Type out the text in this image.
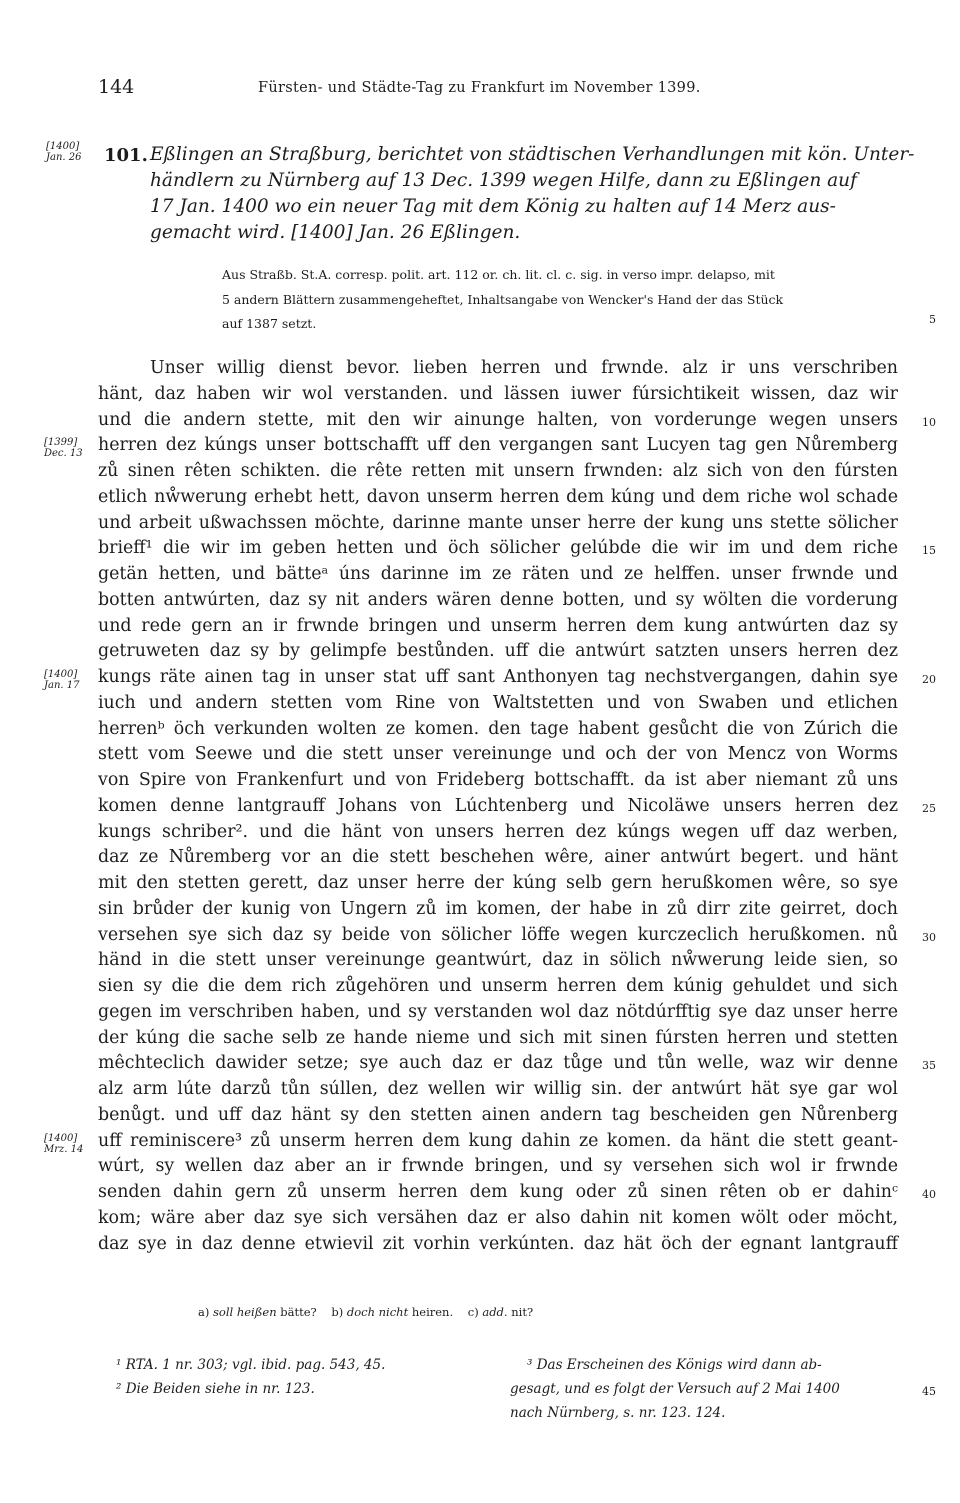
144	Fürsten- und Städte-Tag zu Frankfurt im November 1399.
[1400]
Jan. 26 101. Eßlingen an Straßburg, berichtet von städtischen Verhandlungen mit kön. Unter-
händlern zu Nürnberg auf 13 Dec. 1399 wegen Hilfe, dann zu Eßlingen auf
17 Jan. 1400 wo ein neuer Tag mit dem König zu halten auf 14 Merz aus-
gemacht wird. [1400] Jan. 26 Eßlingen.
Aus Straßb. St.A. corresp. polit. art. 112 or. ch. lit. cl. c. sig. in verso impr. delapso, mit
5 andern Blättern zusammengeheftet, Inhaltsangabe von Wencker's Hand der das Stück
auf 1387 setzt.
Unser willig dienst bevor. lieben herren und frwnde. alz ir uns verschriben
hänt, daz haben wir wol verstanden. und lässen iuwer fúrsichtikeit wissen, daz wir
und die andern stette, mit den wir ainunge halten, von vorderunge wegen unsers
herren dez kúngs unser bottschafft uff den vergangen sant Lucyen tag gen Nůremberg
zů sinen rêten schikten. die rête retten mit unsern frwnden: alz sich von den fúrsten
etlich nẘwerung erhebt hett, davon unserm herren dem kúng und dem riche wol schade
und arbeit ußwachssen möchte, darinne mante unser herre der kung uns stette sölicher
brieff¹ die wir im geben hetten und öch sölicher gelúbde die wir im und dem riche
getän hetten, und bätteᵃ úns darinne im ze räten und ze helffen. unser frwnde und
botten antwúrten, daz sy nit anders wären denne botten, und sy wölten die vorderung
und rede gern an ir frwnde bringen und unserm herren dem kung antwúrten daz sy
getruweten daz sy by gelimpfe bestůnden. uff die antwúrt satzten unsers herren dez
kungs räte ainen tag in unser stat uff sant Anthonyen tag nechstvergangen, dahin sye
iuch und andern stetten vom Rine von Waltstetten und von Swaben und etlichen
herrenᵇ öch verkunden wolten ze komen. den tage habent gesůcht die von Zúrich die
stett vom Seewe und die stett unser vereinunge und och der von Mencz von Worms
von Spire von Frankenfurt und von Frideberg bottschafft. da ist aber niemant zů uns
komen denne lantgrauff Johans von Lúchtenberg und Nicoläwe unsers herren dez
kungs schriber². und die hänt von unsers herren dez kúngs wegen uff daz werben,
daz ze Nůremberg vor an die stett beschehen wêre, ainer antwúrt begert. und hänt
mit den stetten gerett, daz unser herre der kúng selb gern herußkomen wêre, so sye
sin brůder der kunig von Ungern zů im komen, der habe in zů dirr zite geirret, doch
versehen sye sich daz sy beide von sölicher löffe wegen kurczeclich herußkomen. nů
händ in die stett unser vereinunge geantwúrt, daz in sölich nẘwerung leide sien, so
sien sy die die dem rich zůgehören und unserm herren dem kúnig gehuldet und sich
gegen im verschriben haben, und sy verstanden wol daz nötdúrfftig sye daz unser herre
der kúng die sache selb ze hande nieme und sich mit sinen fúrsten herren und stetten
mêchteclich dawider setze; sye auch daz er daz tůge und tůn welle, waz wir denne
alz arm lúte darzů tůn súllen, dez wellen wir willig sin. der antwúrt hät sye gar wol
benůgt. und uff daz hänt sy den stetten ainen andern tag bescheiden gen Nůrenberg
uff reminiscere³ zů unserm herren dem kung dahin ze komen. da hänt die stett geant-
wúrt, sy wellen daz aber an ir frwnde bringen, und sy versehen sich wol ir frwnde
senden dahin gern zů unserm herren dem kung oder zů sinen rêten ob er dahinᶜ
kom; wäre aber daz sye sich versähen daz er also dahin nit komen wölt oder möcht,
daz sye in daz denne etwievil zit vorhin verkúnten. daz hät öch der egnant lantgrauff
[1399]
Dec. 13
[1400]
Jan. 17
[1400]
Mrz. 14
5
10
15
20
25
30
35
40
a) soll heißen bätte? b) doch nicht heiren. c) add. nit?
¹ RTA. 1 nr. 303; vgl. ibid. pag. 543, 45.
² Die Beiden siehe in nr. 123.
³ Das Erscheinen des Königs wird dann ab-
gesagt, und es folgt der Versuch auf 2 Mai 1400
nach Nürnberg, s. nr. 123. 124.
45
